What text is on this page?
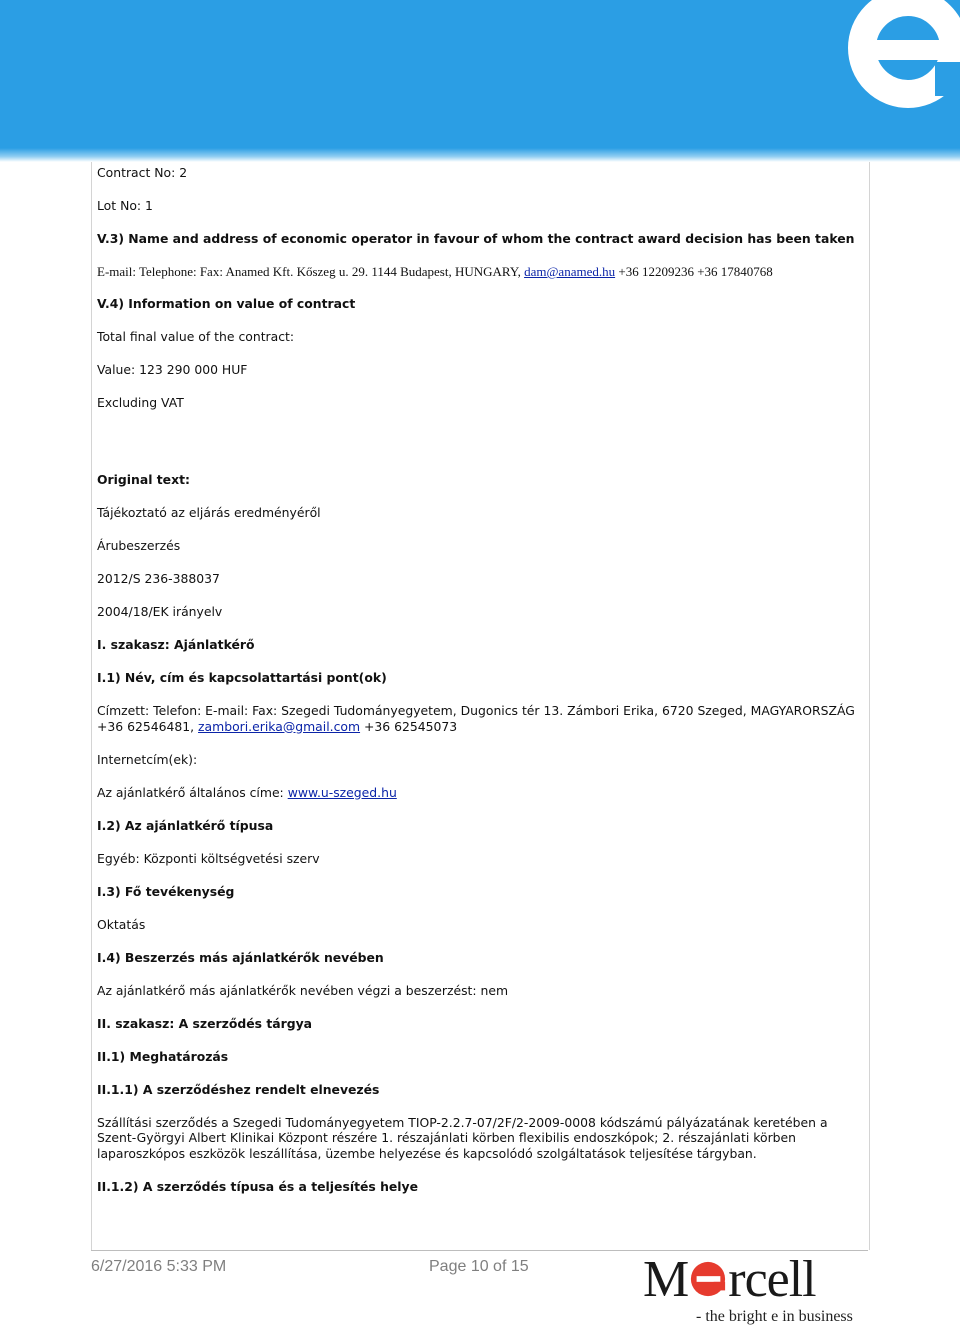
Contract No: 2

Lot No: 1

V.3) Name and address of economic operator in favour of whom the contract award decision has been taken

E-mail: Telephone: Fax: Anamed Kft. Kőszeg u. 29. 1144 Budapest, HUNGARY, dam@anamed.hu +36 12209236 +36 17840768

V.4) Information on value of contract

Total final value of the contract:

Value: 123 290 000 HUF

Excluding VAT

Original text:

Tájékoztató az eljárás eredményéről

Árubeszerzés

2012/S 236-388037

2004/18/EK irányelv

I. szakasz: Ajánlatkérő

I.1) Név, cím és kapcsolattartási pont(ok)

Címzett: Telefon: E-mail: Fax: Szegedi Tudományegyetem, Dugonics tér 13. Zámbori Erika, 6720 Szeged, MAGYARORSZÁG +36 62546481, zambori.erika@gmail.com +36 62545073

Internetcím(ek):

Az ajánlatkérő általános címe: www.u-szeged.hu

I.2) Az ajánlatkérő típusa

Egyéb: Központi költségvetési szerv

I.3) Fő tevékenység

Oktatás

I.4) Beszerzés más ajánlatkérők nevében

Az ajánlatkérő más ajánlatkérők nevében végzi a beszerzést: nem

II. szakasz: A szerződés tárgya

II.1) Meghatározás

II.1.1) A szerződéshez rendelt elnevezés

Szállítási szerződés a Szegedi Tudományegyetem TIOP-2.2.7-07/2F/2-2009-0008 kódszámú pályázatának keretében a Szent-Györgyi Albert Klinikai Központ részére 1. részajánlati körben flexibilis endoszkópok; 2. részajánlati körben laparoszkópos eszközök leszállítása, üzembe helyezése és kapcsolódó szolgáltatások teljesítése tárgyban.

II.1.2) A szerződés típusa és a teljesítés helye

6/27/2016 5:33 PM	Page 10 of 15 M rcell
- the bright e in business
